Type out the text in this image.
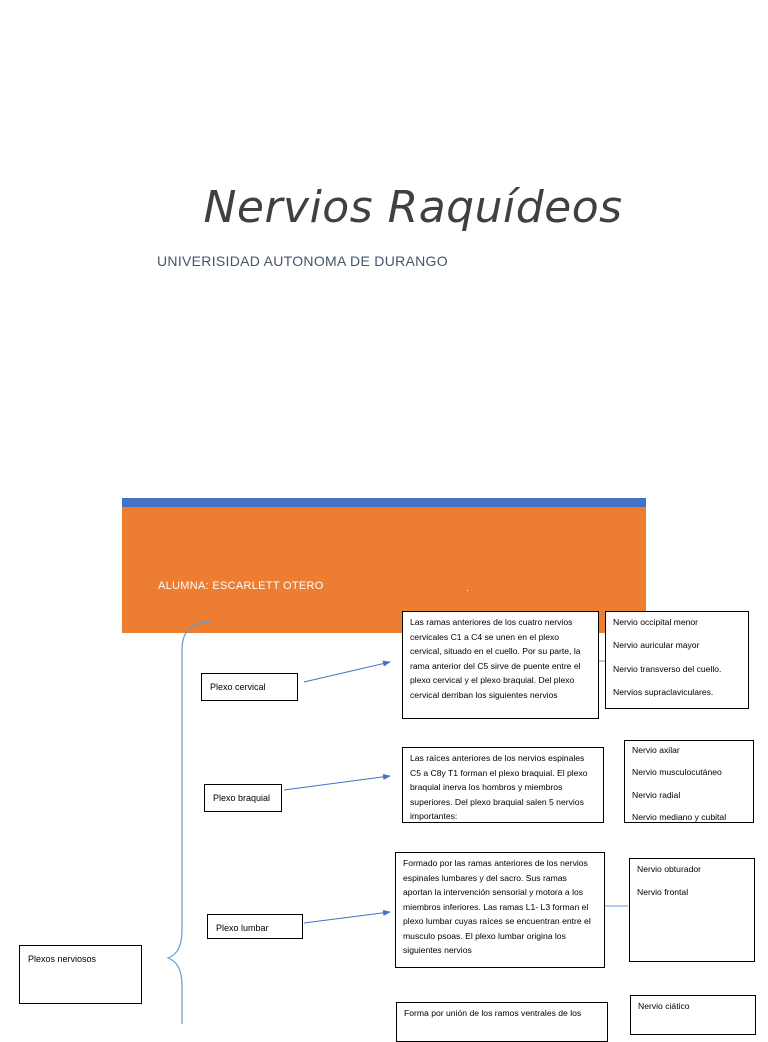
Nervios Raquídeos
UNIVERISIDAD AUTONOMA DE DURANGO
ALUMNA: ESCARLETT OTERO
Plexos nerviosos
Plexo cervical
Las ramas anteriores de los cuatro nervios cervicales C1 a C4 se unen en el plexo cervical, situado en el cuello. Por su parte, la rama anterior del C5 sirve de puente entre el plexo cervical y el plexo braquial. Del plexo cervical derriban los siguientes nervios

Nervio occipital menor

Nervio auricular mayor

Nervio transverso del cuello.

Nervios supraclaviculares.

Plexo braquial
Las raíces anteriores de los nervios espinales C5 a C8y T1 forman el plexo braquial. El plexo braquial inerva los hombros y miembros superiores. Del plexo braquial salen 5 nervios importantes:

Nervio axilar

Nervio musculocutáneo

Nervio radial

Nervio mediano y cubital

Plexo lumbar
Formado por las ramas anteriores de los nervios espinales lumbares y del sacro. Sus ramas aportan la intervención sensorial y motora a los miembros inferiores. Las ramas L1- L3 forman el plexo lumbar cuyas raíces se encuentran entre el musculo psoas. El plexo lumbar origina los siguientes nervios

Nervio obturador

Nervio frontal

Forma por unión de los ramos ventrales de los

Nervio ciático
